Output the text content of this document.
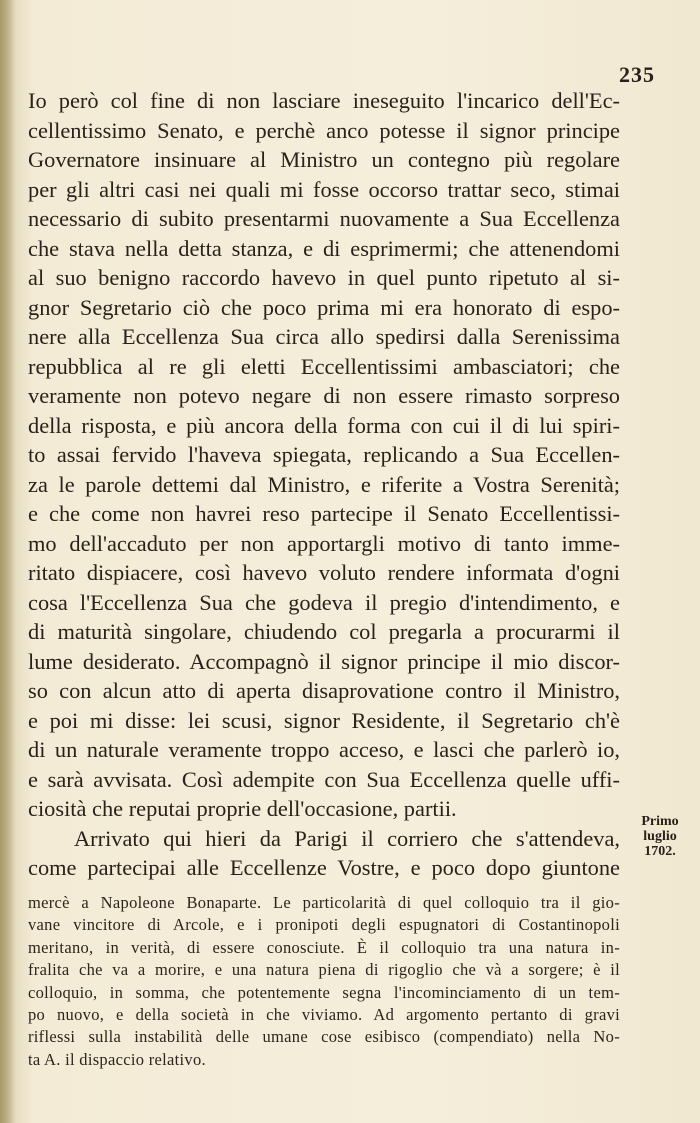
235
Io però col fine di non lasciare ineseguito l'incarico dell'Ec-
cellentissimo Senato, e perchè anco potesse il signor principe
Governatore insinuare al Ministro un contegno più regolare
per gli altri casi nei quali mi fosse occorso trattar seco, stimai
necessario di subito presentarmi nuovamente a Sua Eccellenza
che stava nella detta stanza, e di esprimermi; che attenendomi
al suo benigno raccordo havevo in quel punto ripetuto al si-
gnor Segretario ciò che poco prima mi era honorato di espo-
nere alla Eccellenza Sua circa allo spedirsi dalla Serenissima
repubblica al re gli eletti Eccellentissimi ambasciatori; che
veramente non potevo negare di non essere rimasto sorpreso
della risposta, e più ancora della forma con cui il di lui spiri-
to assai fervido l'haveva spiegata, replicando a Sua Eccellen-
za le parole dettemi dal Ministro, e riferite a Vostra Serenità;
e che come non havrei reso partecipe il Senato Eccellentissi-
mo dell'accaduto per non apportargli motivo di tanto imme-
ritato dispiacere, così havevo voluto rendere informata d'ogni
cosa l'Eccellenza Sua che godeva il pregio d'intendimento, e
di maturità singolare, chiudendo col pregarla a procurarmi il
lume desiderato. Accompagnò il signor principe il mio discor-
so con alcun atto di aperta disaprovatione contro il Ministro,
e poi mi disse: lei scusi, signor Residente, il Segretario ch'è
di un naturale veramente troppo acceso, e lasci che parlerò io,
e sarà avvisata. Così adempite con Sua Eccellenza quelle uffi-
ciosità che reputai proprie dell'occasione, partii.
Arrivato qui hieri da Parigi il corriero che s'attendeva,
come partecipai alle Eccellenze Vostre, e poco dopo giuntone
Primo
luglio
1702.
mercè a Napoleone Bonaparte. Le particolarità di quel colloquio tra il gio-
vane vincitore di Arcole, e i pronipoti degli espugnatori di Costantinopoli
meritano, in verità, di essere conosciute. È il colloquio tra una natura in-
fralita che va a morire, e una natura piena di rigoglio che và a sorgere; è il
colloquio, in somma, che potentemente segna l'incominciamento di un tem-
po nuovo, e della società in che viviamo. Ad argomento pertanto di gravi
riflessi sulla instabilità delle umane cose esibisco (compendiato) nella No-
ta A. il dispaccio relativo.
